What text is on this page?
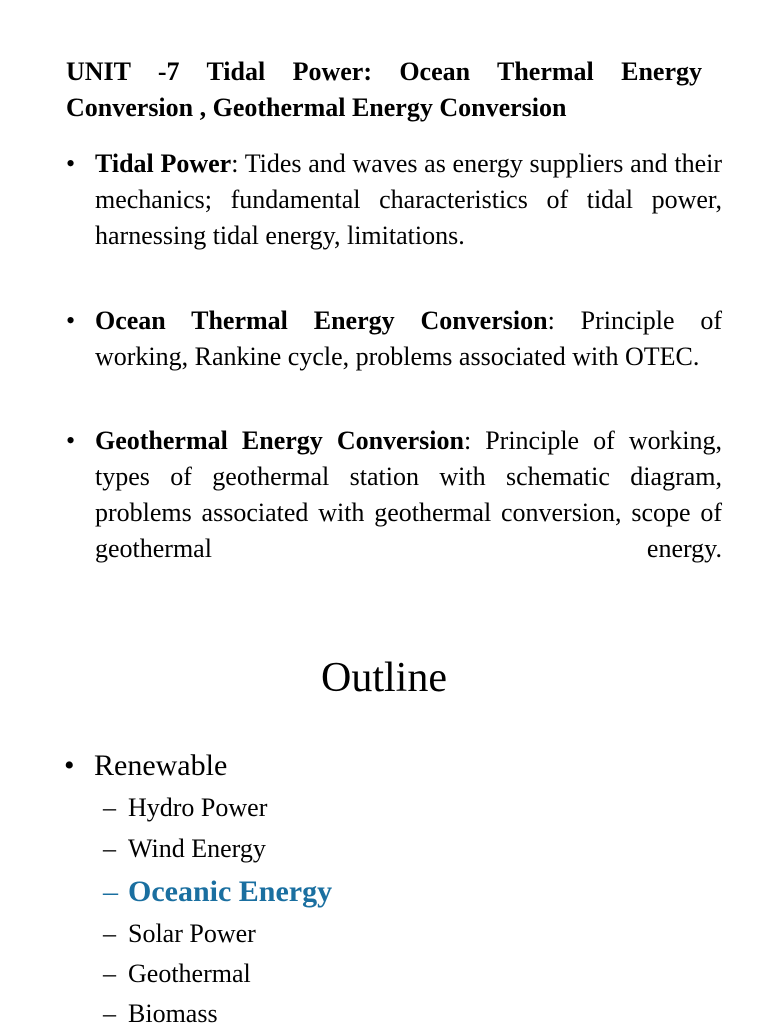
UNIT -7 Tidal Power: Ocean Thermal Energy
Conversion , Geothermal Energy Conversion
• Tidal Power: Tides and waves as energy suppliers and their mechanics; fundamental characteristics of tidal power, harnessing tidal energy, limitations.
• Ocean Thermal Energy Conversion: Principle of working, Rankine cycle, problems associated with OTEC.
• Geothermal Energy Conversion: Principle of working, types of geothermal station with schematic diagram, problems associated with geothermal conversion, scope of geothermal energy.
Outline
• Renewable
– Hydro Power
– Wind Energy
– Oceanic Energy
– Solar Power
– Geothermal
– Biomass
